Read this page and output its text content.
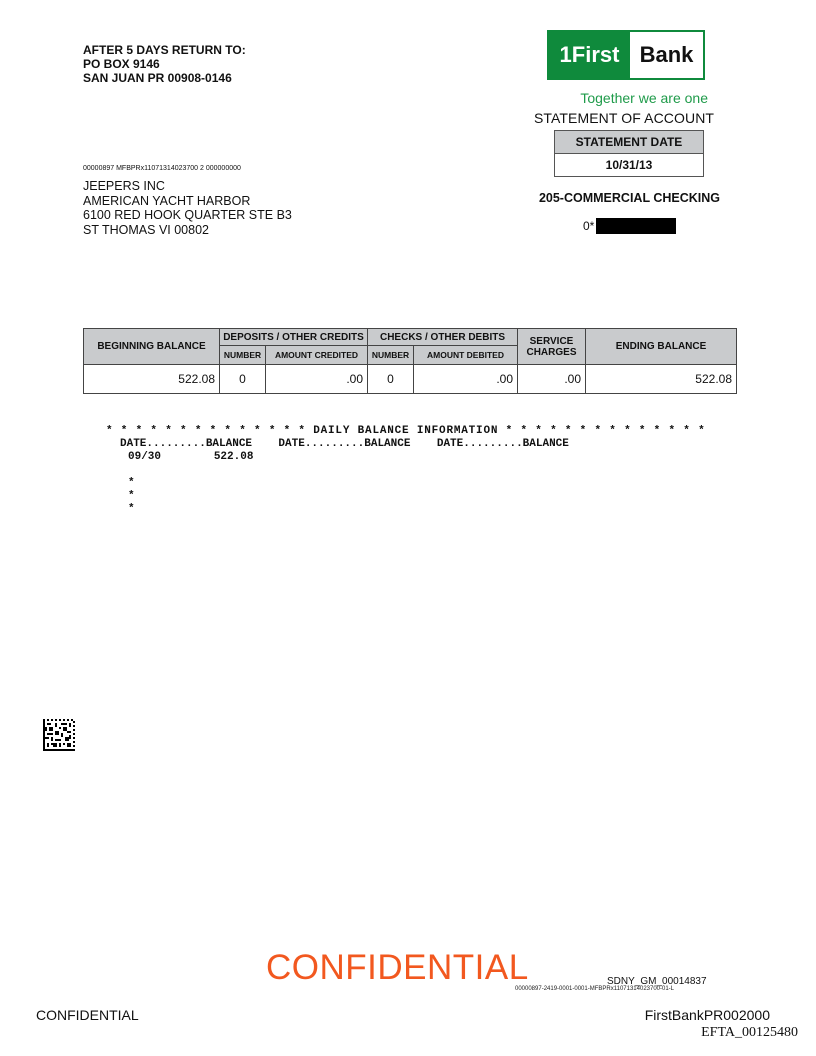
AFTER 5 DAYS RETURN TO:
PO BOX 9146
SAN JUAN PR 00908-0146
1First Bank
Together we are one
STATEMENT OF ACCOUNT
STATEMENT DATE
10/31/13
205-COMMERCIAL CHECKING
0*
00000897 MFBPRx11071314023700 2 000000000
JEEPERS INC
AMERICAN YACHT HARBOR
6100 RED HOOK QUARTER STE B3
ST THOMAS VI 00802
BEGINNING BALANCE	DEPOSITS / OTHER CREDITS		CHECKS / OTHER DEBITS		SERVICE CHARGES	ENDING BALANCE
	NUMBER	AMOUNT CREDITED	NUMBER	AMOUNT DEBITED		
522.08	0	.00	0	.00	.00	522.08
* * * * * * * * * * * * * * DAILY BALANCE INFORMATION * * * * * * * * * * * * * *
DATE.........BALANCE    DATE.........BALANCE    DATE.........BALANCE
09/30        522.08
*
*
*
CONFIDENTIAL	SDNY_GM_00014837
00000897-2419-0001-0001-MFBPRx11071314023700-01-L
CONFIDENTIAL	FirstBankPR002000
EFTA_00125480
